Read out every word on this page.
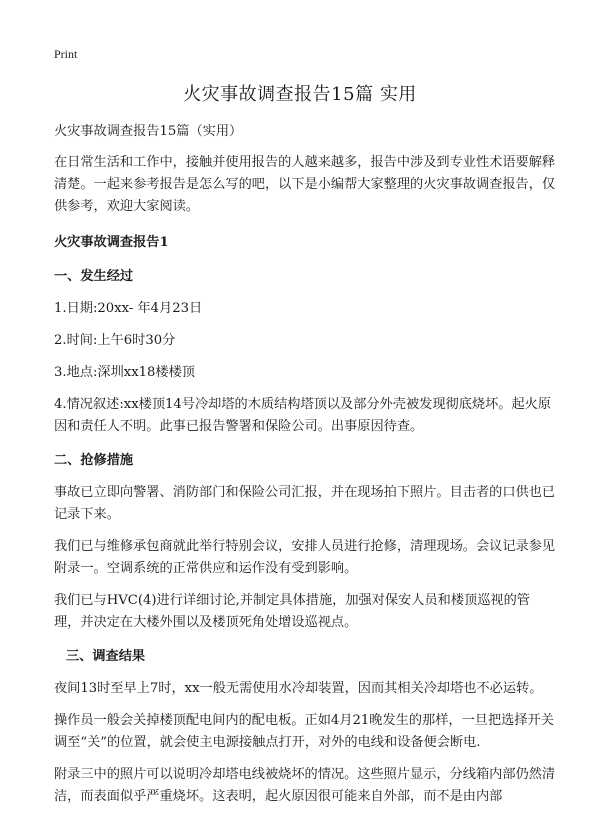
Print
火灾事故调查报告15篇 实用

火灾事故调查报告15篇（实用）

在日常生活和工作中，接触并使用报告的人越来越多，报告中涉及到专业性术语要解释清楚。一起来参考报告是怎么写的吧，以下是小编帮大家整理的火灾事故调查报告，仅供参考，欢迎大家阅读。

火灾事故调查报告1

一、发生经过

1.日期:20xx- 年4月23日

2.时间:上午6时30分

3.地点:深圳xx18楼楼顶

4.情况叙述:xx楼顶14号冷却塔的木质结构塔顶以及部分外壳被发现彻底烧坏。起火原因和责任人不明。此事已报告警署和保险公司。出事原因待查。

二、抢修措施

事故已立即向警署、消防部门和保险公司汇报，并在现场拍下照片。目击者的口供也已记录下来。

我们已与维修承包商就此举行特别会议，安排人员进行抢修，清理现场。会议记录参见附录一。空调系统的正常供应和运作没有受到影响。

我们已与HVC(4)进行详细讨论,并制定具体措施，加强对保安人员和楼顶巡视的管理，并决定在大楼外围以及楼顶死角处增设巡视点。

三、调查结果

夜间13时至早上7时，xx一般无需使用水冷却装置，因而其相关冷却塔也不必运转。

操作员一般会关掉楼顶配电间内的配电板。正如4月21晚发生的那样，一旦把选择开关调至“关”的位置，就会使主电源接触点打开，对外的电线和设备便会断电.

附录三中的照片可以说明冷却塔电线被烧坏的情况。这些照片显示，分线箱内部仍然清洁，而表面似乎严重烧坏。这表明，起火原因很可能来自外部，而不是由内部
